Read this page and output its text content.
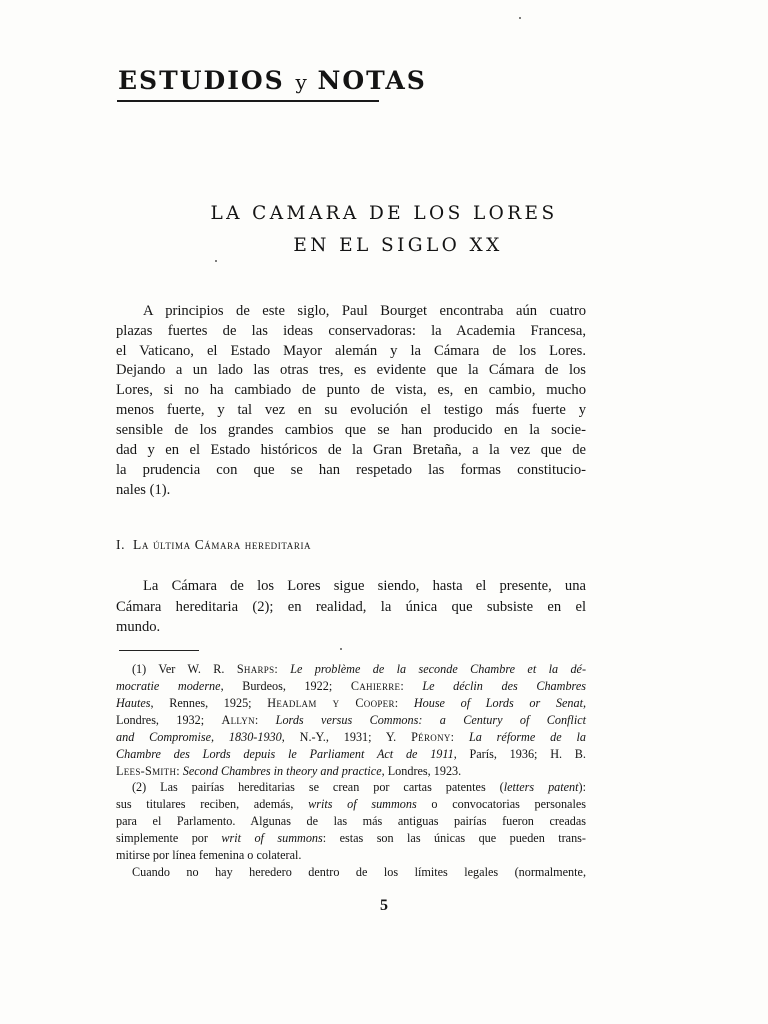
ESTUDIOS y NOTAS
LA CAMARA DE LOS LORES
EN EL SIGLO XX
A principios de este siglo, Paul Bourget encontraba aún cuatro
plazas fuertes de las ideas conservadoras: la Academia Francesa,
el Vaticano, el Estado Mayor alemán y la Cámara de los Lores.
Dejando a un lado las otras tres, es evidente que la Cámara de los
Lores, si no ha cambiado de punto de vista, es, en cambio, mucho
menos fuerte, y tal vez en su evolución el testigo más fuerte y
sensible de los grandes cambios que se han producido en la socie-
dad y en el Estado históricos de la Gran Bretaña, a la vez que de
la prudencia con que se han respetado las formas constitucio-
nales (1).
I. La última Cámara hereditaria
La Cámara de los Lores sigue siendo, hasta el presente, una
Cámara hereditaria (2); en realidad, la única que subsiste en el
mundo.
(1) Ver W. R. Sharps: Le problème de la seconde Chambre et la dé-
mocratie moderne, Burdeos, 1922; Cahierre: Le déclin des Chambres
Hautes, Rennes, 1925; Headlam y Cooper: House of Lords or Senat,
Londres, 1932; Allyn: Lords versus Commons: a Century of Conflict
and Compromise, 1830-1930, N.-Y., 1931; Y. Pérony: La réforme de la
Chambre des Lords depuis le Parliament Act de 1911, París, 1936; H. B.
Lees-Smith: Second Chambres in theory and practice, Londres, 1923.
(2) Las pairías hereditarias se crean por cartas patentes (letters patent):
sus titulares reciben, además, writs of summons o convocatorias personales
para el Parlamento. Algunas de las más antiguas pairías fueron creadas
simplemente por writ of summons: estas son las únicas que pueden trans-
mitirse por línea femenina o colateral.
Cuando no hay heredero dentro de los límites legales (normalmente,
5
